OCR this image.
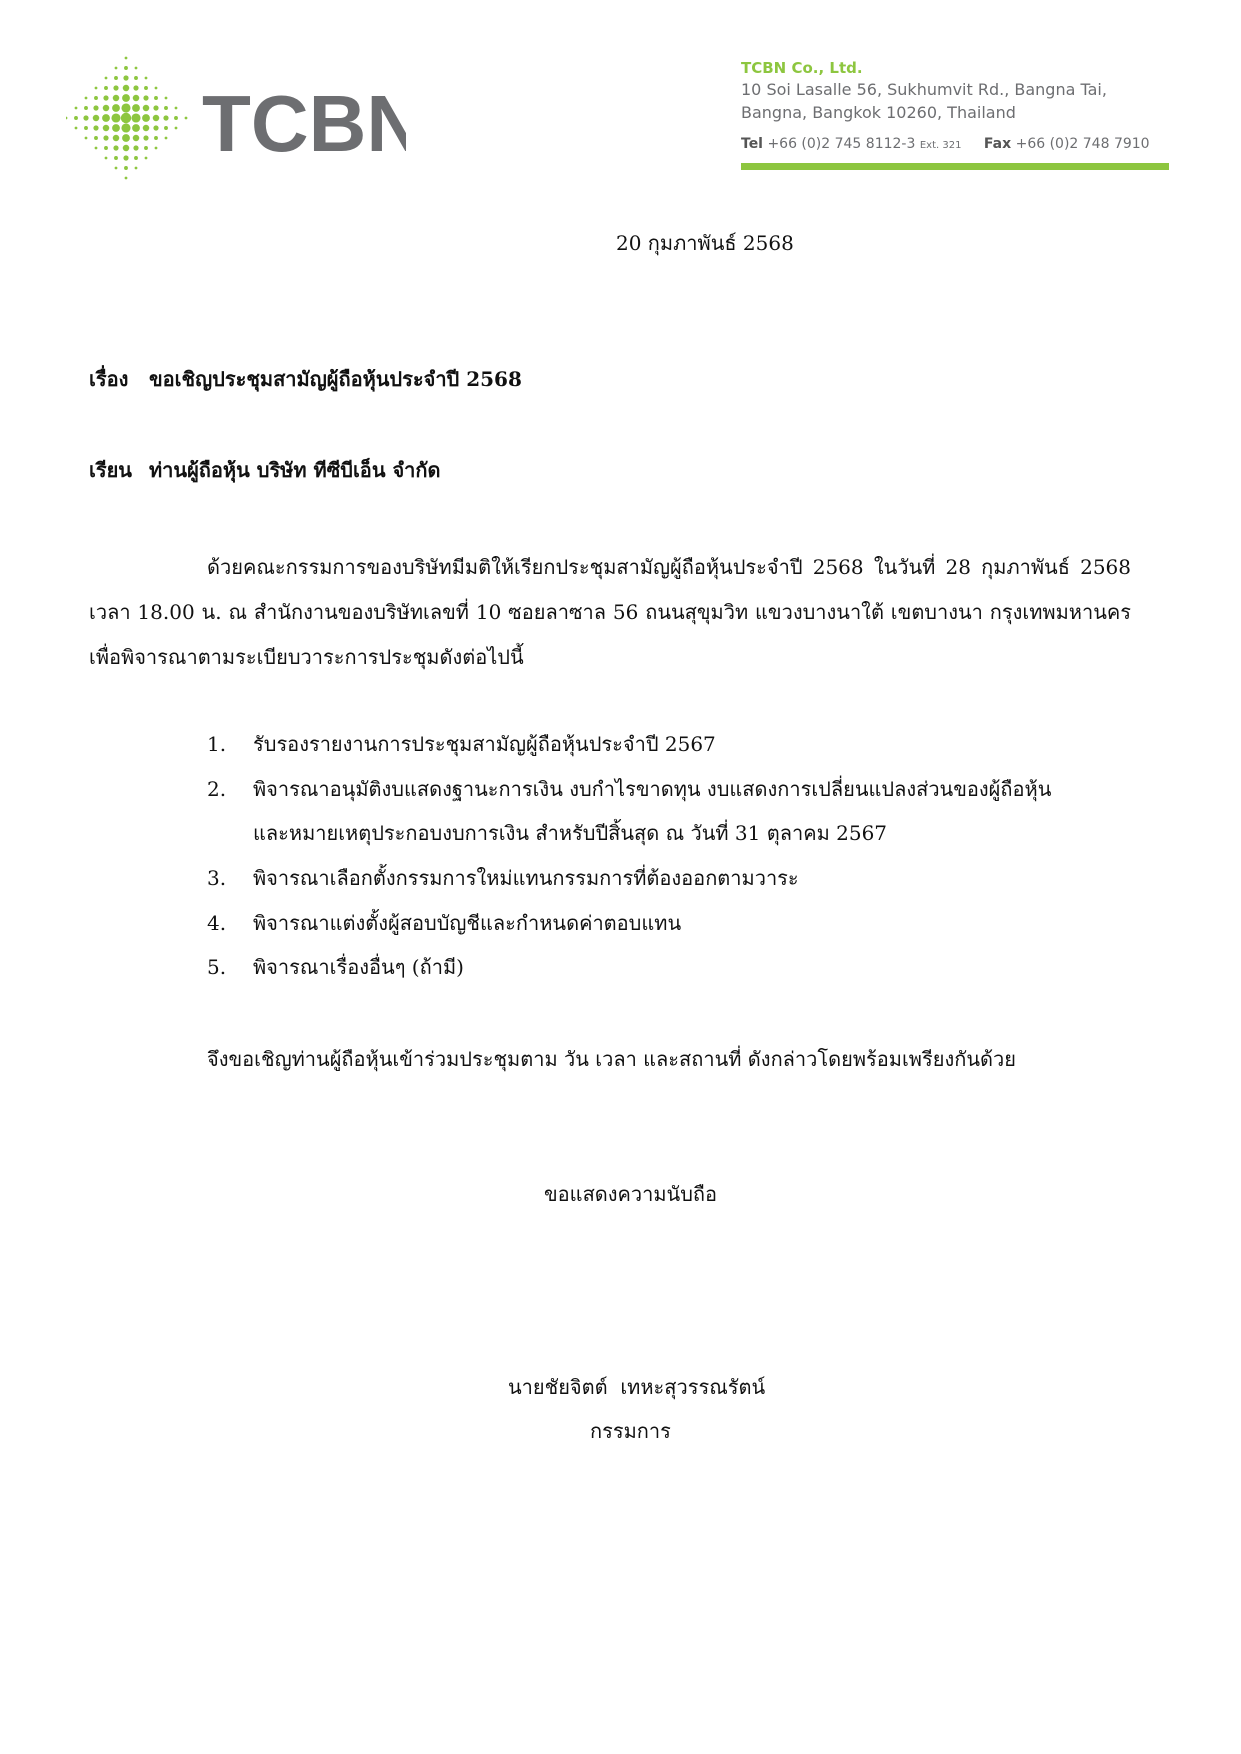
TCBN
TCBN Co., Ltd.
10 Soi Lasalle 56, Sukhumvit Rd., Bangna Tai,
Bangna, Bangkok 10260, Thailand
Tel +66 (0)2 745 8112-3 Ext. 321 Fax +66 (0)2 748 7910
20 กุมภาพันธ์ 2568
เรื่อง ขอเชิญประชุมสามัญผู้ถือหุ้นประจำปี 2568
เรียน ท่านผู้ถือหุ้น บริษัท ทีซีบีเอ็น จำกัด
ด้วยคณะกรรมการของบริษัทมีมติให้เรียกประชุมสามัญผู้ถือหุ้นประจำปี 2568 ในวันที่ 28 กุมภาพันธ์ 2568 เวลา 18.00 น. ณ สำนักงานของบริษัทเลขที่ 10 ซอยลาซาล 56 ถนนสุขุมวิท แขวงบางนาใต้ เขตบางนา กรุงเทพมหานคร เพื่อพิจารณาตามระเบียบวาระการประชุมดังต่อไปนี้
1. รับรองรายงานการประชุมสามัญผู้ถือหุ้นประจำปี 2567
2. พิจารณาอนุมัติงบแสดงฐานะการเงิน งบกำไรขาดทุน งบแสดงการเปลี่ยนแปลงส่วนของผู้ถือหุ้น
และหมายเหตุประกอบงบการเงิน สำหรับปีสิ้นสุด ณ วันที่ 31 ตุลาคม 2567
3. พิจารณาเลือกตั้งกรรมการใหม่แทนกรรมการที่ต้องออกตามวาระ
4. พิจารณาแต่งตั้งผู้สอบบัญชีและกำหนดค่าตอบแทน
5. พิจารณาเรื่องอื่นๆ (ถ้ามี)
จึงขอเชิญท่านผู้ถือหุ้นเข้าร่วมประชุมตาม วัน เวลา และสถานที่ ดังกล่าวโดยพร้อมเพรียงกันด้วย
ขอแสดงความนับถือ
นายชัยจิตต์  เทหะสุวรรณรัตน์
กรรมการ
